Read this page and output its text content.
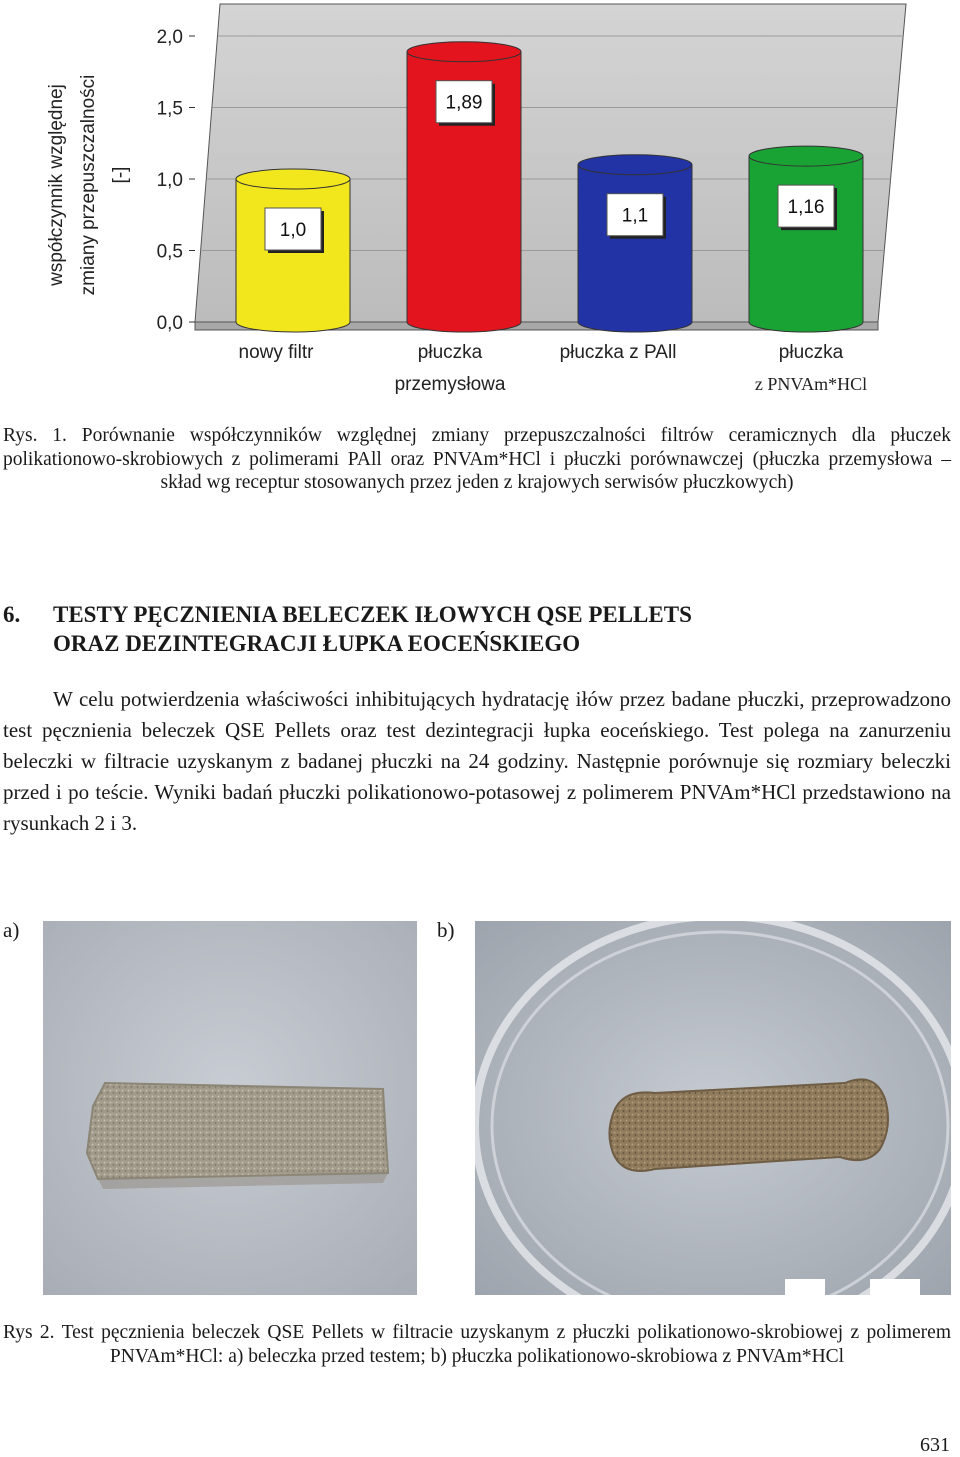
0,0
0,5
1,0
1,5
2,0
współczynnik względnej zmiany przepuszczalności [-]
1,0
1,89
1,1	1,16
nowy filtr	płuczka
przemysłowa
płuczka z PAll	płuczka
z PNVAm*HCl
Rys. 1. Porównanie współczynników względnej zmiany przepuszczalności filtrów ceramicznych dla płuczek polikationowo-skrobiowych z polimerami PAll oraz PNVAm*HCl i płuczki porównawczej (płuczka przemysłowa – skład wg receptur stosowanych przez jeden z krajowych serwisów płuczkowych)
6. TESTY PĘCZNIENIA BELECZEK IŁOWYCH QSE PELLETS
ORAZ DEZINTEGRACJI ŁUPKA EOCEŃSKIEGO
W celu potwierdzenia właściwości inhibitujących hydratację iłów przez badane płuczki, przeprowadzono test pęcznienia beleczek QSE Pellets oraz test dezintegracji łupka eoceńskiego. Test polega na zanurzeniu beleczki w filtracie uzyskanym z badanej płuczki na 24 godziny. Następnie porównuje się rozmiary beleczki przed i po teście. Wyniki badań płuczki polikationowo-potasowej z polimerem PNVAm*HCl przedstawiono na rysunkach 2 i 3.
a)	b)
Rys 2. Test pęcznienia beleczek QSE Pellets w filtracie uzyskanym z płuczki polikationowo-skrobiowej z polimerem PNVAm*HCl: a) beleczka przed testem; b) płuczka polikationowo-skrobiowa z PNVAm*HCl
631
